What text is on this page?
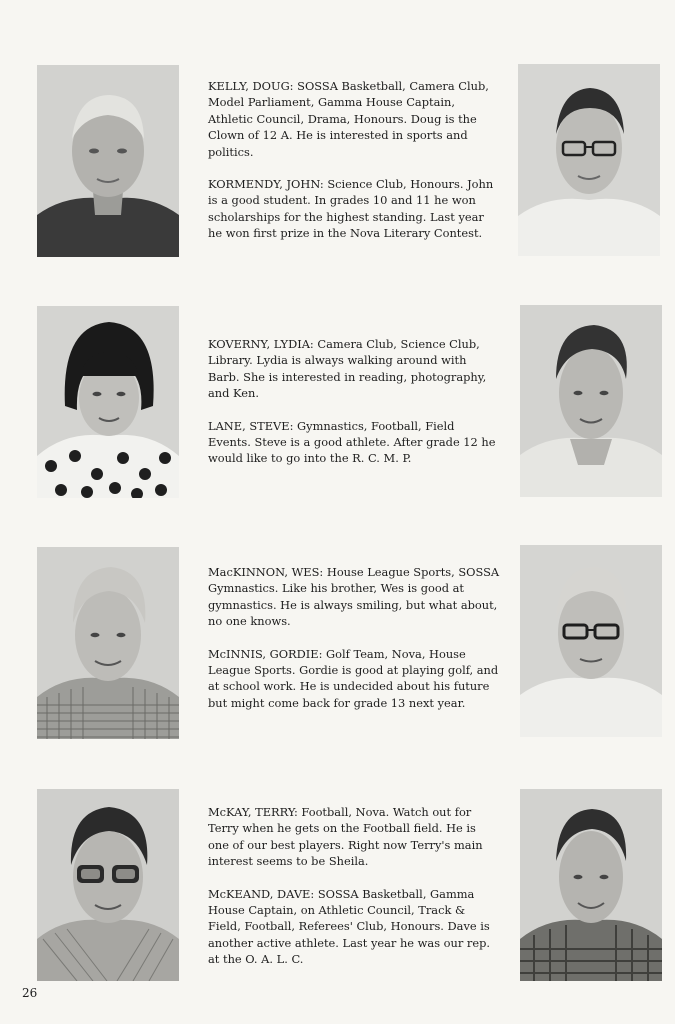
KELLY, DOUG: SOSSA Basketball, Camera Club, Model Parliament, Gamma House Captain, Athletic Council, Drama, Honours. Doug is the Clown of 12 A. He is interested in sports and politics.

KORMENDY, JOHN: Science Club, Honours. John is a good student. In grades 10 and 11 he won scholarships for the highest standing. Last year he won first prize in the Nova Literary Contest.

KOVERNY, LYDIA: Camera Club, Science Club, Library. Lydia is always walking around with Barb. She is interested in reading, photography, and Ken.

LANE, STEVE: Gymnastics, Football, Field Events. Steve is a good athlete. After grade 12 he would like to go into the R. C. M. P.

MacKINNON, WES: House League Sports, SOSSA Gymnastics. Like his brother, Wes is good at gymnastics. He is always smiling, but what about, no one knows.

McINNIS, GORDIE: Golf Team, Nova, House League Sports. Gordie is good at playing golf, and at school work. He is undecided about his future but might come back for grade 13 next year.

McKAY, TERRY: Football, Nova. Watch out for Terry when he gets on the Football field. He is one of our best players. Right now Terry's main interest seems to be Sheila.

McKEAND, DAVE: SOSSA Basketball, Gamma House Captain, on Athletic Council, Track & Field, Football, Referees' Club, Honours. Dave is another active athlete. Last year he was our rep. at the O. A. L. C.

26
